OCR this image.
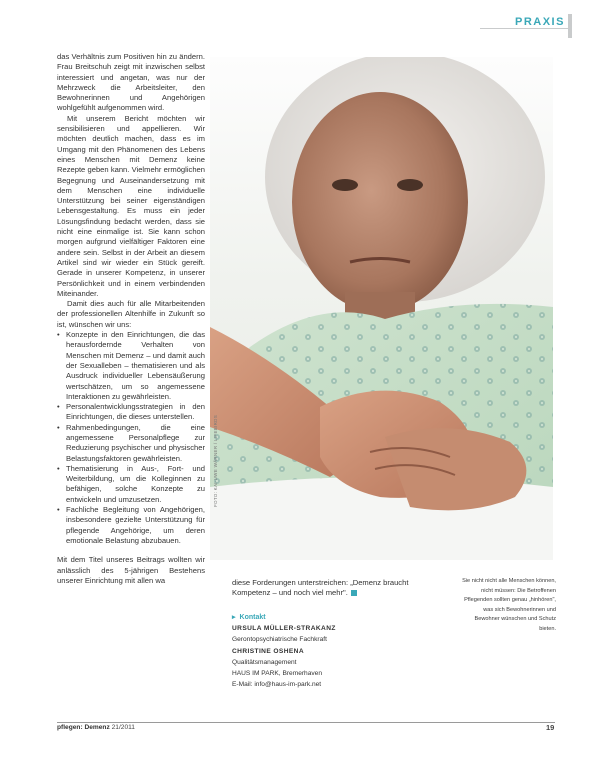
PRAXIS

das Verhältnis zum Positiven hin zu ändern. Frau Breitschuh zeigt mit inzwischen selbst interessiert und angetan, was nur der Mehrzweck die Arbeitsleiter, den Bewohnerinnen und Angehörigen wohlgefühlt aufgenommen wird.

Mit unserem Bericht möchten wir sensibilisieren und appellieren. Wir möchten deutlich machen, dass es im Umgang mit den Phänomenen des Lebens eines Menschen mit Demenz keine Rezepte geben kann. Vielmehr ermöglichen Begegnung und Auseinandersetzung mit dem Menschen eine individuelle Unterstützung bei seiner eigenständigen Lebensgestaltung. Es muss ein jeder Lösungsfindung bedacht werden, dass sie nicht eine einmalige ist. Sie kann schon morgen aufgrund vielfältiger Faktoren eine andere sein. Selbst in der Arbeit an diesem Artikel sind wir wieder ein Stück gereift. Gerade in unserer Kompetenz, in unserer Persönlichkeit und in einem verbindenden Miteinander.

Damit dies auch für alle Mitarbeitenden der professionellen Altenhilfe in Zukunft so ist, wünschen wir uns:

• Konzepte in den Einrichtungen, die das herausfordernde Verhalten von Menschen mit Demenz – und damit auch der Sexualleben – thematisieren und als Ausdruck individueller Lebensäußerung wertschätzen, um so angemessene Interaktionen zu gewährleisten.
• Personalentwicklungsstrategien in den Einrichtungen, die dieses unterstellen.
• Rahmenbedingungen, die eine angemessene Personalpflege zur Reduzierung psychischer und physischer Belastungsfaktoren gewährleisten.
• Thematisierung in Aus-, Fort- und Weiterbildung, um die Kolleginnen zu befähigen, solche Konzepte zu entwickeln und umzusetzen.
• Fachliche Begleitung von Angehörigen, insbesondere gezielte Unterstützung für pflegende Angehörige, um deren emotionale Belastung abzubauen.

Mit dem Titel unseres Beitrags wollten wir anlässlich des 5-jährigen Bestehens unserer Einrichtung mit allen wa

FOTO: KAI-UWE WÄRNER / LIFEBIRDS
diese Forderungen unterstreichen: „Demenz braucht Kompetenz – und noch viel mehr".
Sie nicht nicht alle Menschen können, nicht müssen: Die Betroffenen Pflegenden sollten genau „hinhören", was sich Bewohnerinnen und Bewohner wünschen und Schutz bieten.
▸ Kontakt
URSULA MÜLLER-STRAKANZ
Gerontopsychiatrische Fachkraft
CHRISTINE OSHENA
Qualitätsmanagement
HAUS IM PARK, Bremerhaven
E-Mail: info@haus-im-park.net
pflegen: Demenz 21/2011	19
